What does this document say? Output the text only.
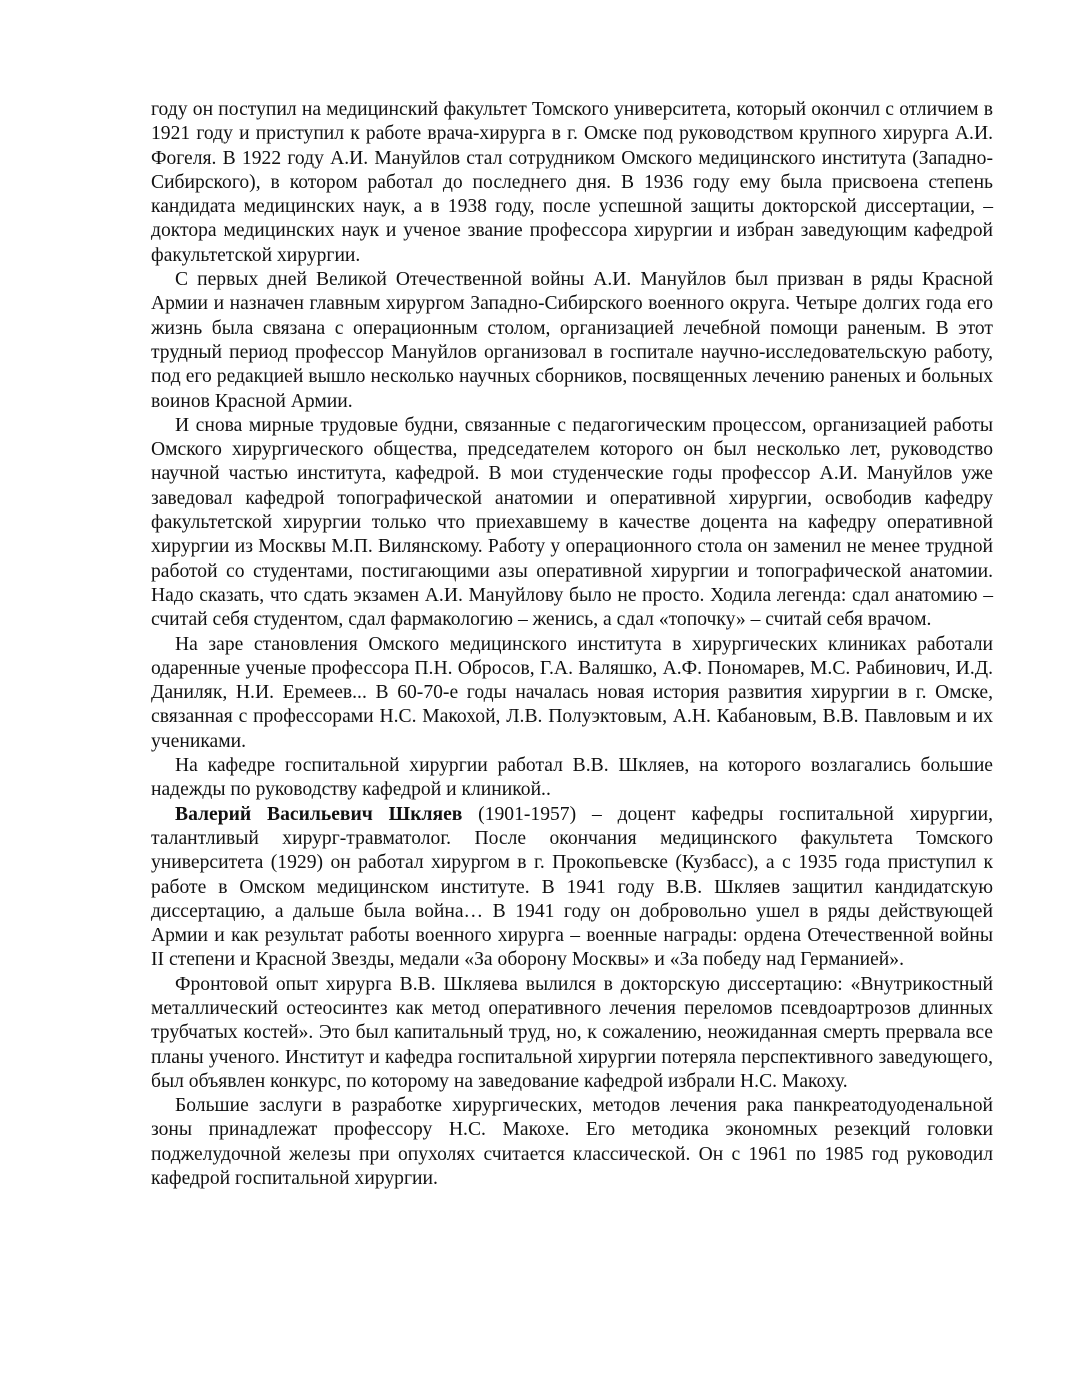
году он поступил на медицинский факультет Томского университета, который окончил с отличием в 1921 году и приступил к работе врача-хирурга в г. Омске под руководством крупного хирурга А.И. Фогеля. В 1922 году А.И. Мануйлов стал сотрудником Омского медицинского института (Западно-Сибирского), в котором работал до последнего дня. В 1936 году ему была присвоена степень кандидата медицинских наук, а в 1938 году, после успешной защиты докторской диссертации, – доктора медицинских наук и ученое звание профессора хирургии и избран заведующим кафедрой факультетской хирургии.

С первых дней Великой Отечественной войны А.И. Мануйлов был призван в ряды Красной Армии и назначен главным хирургом Западно-Сибирского военного округа. Четыре долгих года его жизнь была связана с операционным столом, организацией лечебной помощи раненым. В этот трудный период профессор Мануйлов организовал в госпитале научно-исследовательскую работу, под его редакцией вышло несколько научных сборников, посвященных лечению раненых и больных воинов Красной Армии.

И снова мирные трудовые будни, связанные с педагогическим процессом, организацией работы Омского хирургического общества, председателем которого он был несколько лет, руководство научной частью института, кафедрой. В мои студенческие годы профессор А.И. Мануйлов уже заведовал кафедрой топографической анатомии и оперативной хирургии, освободив кафедру факультетской хирургии только что приехавшему в качестве доцента на кафедру оперативной хирургии из Москвы М.П. Вилянскому. Работу у операционного стола он заменил не менее трудной работой со студентами, постигающими азы оперативной хирургии и топографической анатомии. Надо сказать, что сдать экзамен А.И. Мануйлову было не просто. Ходила легенда: сдал анатомию – считай себя студентом, сдал фармакологию – женись, а сдал «топочку» – считай себя врачом.

На заре становления Омского медицинского института в хирургических клиниках работали одаренные ученые профессора П.Н. Обросов, Г.А. Валяшко, А.Ф. Пономарев, М.С. Рабинович, И.Д. Даниляк, Н.И. Еремеев... В 60-70-е годы началась новая история развития хирургии в г. Омске, связанная с профессорами Н.С. Макохой, Л.В. Полуэктовым, А.Н. Кабановым, В.В. Павловым и их учениками.

На кафедре госпитальной хирургии работал В.В. Шкляев, на которого возлагались большие надежды по руководству кафедрой и клиникой..

Валерий Васильевич Шкляев (1901-1957) – доцент кафедры госпитальной хирургии, талантливый хирург-травматолог. После окончания медицинского факультета Томского университета (1929) он работал хирургом в г. Прокопьевске (Кузбасс), а с 1935 года приступил к работе в Омском медицинском институте. В 1941 году В.В. Шкляев защитил кандидатскую диссертацию, а дальше была война… В 1941 году он добровольно ушел в ряды действующей Армии и как результат работы военного хирурга – военные награды: ордена Отечественной войны II степени и Красной Звезды, медали «За оборону Москвы» и «За победу над Германией».

Фронтовой опыт хирурга В.В. Шкляева вылился в докторскую диссертацию: «Внутрикостный металлический остеосинтез как метод оперативного лечения переломов псевдоартрозов длинных трубчатых костей». Это был капитальный труд, но, к сожалению, неожиданная смерть прервала все планы ученого. Институт и кафедра госпитальной хирургии потеряла перспективного заведующего, был объявлен конкурс, по которому на заведование кафедрой избрали Н.С. Макоху.

Большие заслуги в разработке хирургических, методов лечения рака панкреатодуоденальной зоны принадлежат профессору Н.С. Макохе. Его методика экономных резекций головки поджелудочной железы при опухолях считается классической. Он с 1961 по 1985 год руководил кафедрой госпитальной хирургии.
